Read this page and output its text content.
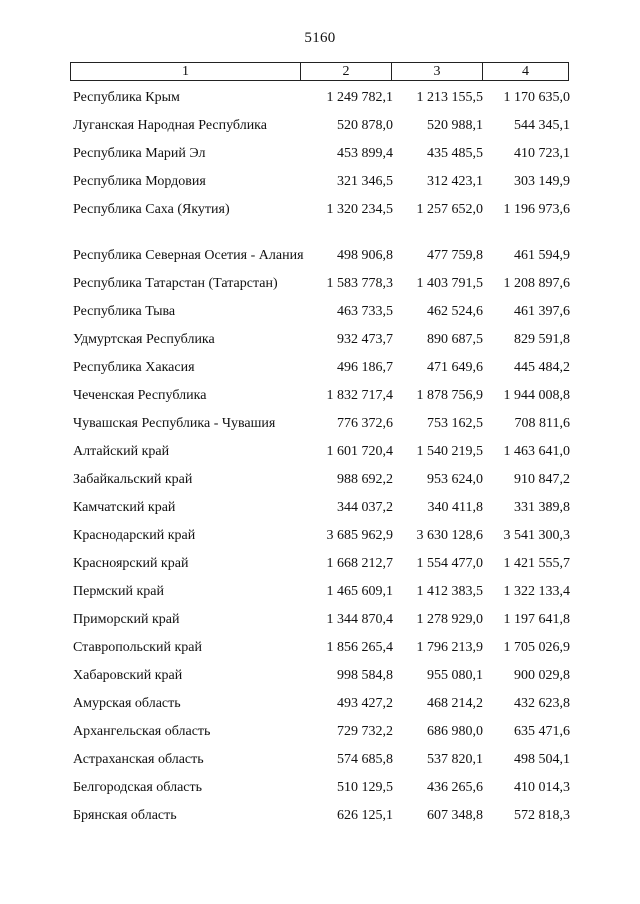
5160
1	2	3	4
Республика Крым	1 249 782,1	1 213 155,5	1 170 635,0
Луганская Народная Республика	520 878,0	520 988,1	544 345,1
Республика Марий Эл	453 899,4	435 485,5	410 723,1
Республика Мордовия	321 346,5	312 423,1	303 149,9
Республика Саха (Якутия)	1 320 234,5	1 257 652,0	1 196 973,6
Республика Северная Осетия - Алания	498 906,8	477 759,8	461 594,9
Республика Татарстан (Татарстан)	1 583 778,3	1 403 791,5	1 208 897,6
Республика Тыва	463 733,5	462 524,6	461 397,6
Удмуртская Республика	932 473,7	890 687,5	829 591,8
Республика Хакасия	496 186,7	471 649,6	445 484,2
Чеченская Республика	1 832 717,4	1 878 756,9	1 944 008,8
Чувашская Республика - Чувашия	776 372,6	753 162,5	708 811,6
Алтайский край	1 601 720,4	1 540 219,5	1 463 641,0
Забайкальский край	988 692,2	953 624,0	910 847,2
Камчатский край	344 037,2	340 411,8	331 389,8
Краснодарский край	3 685 962,9	3 630 128,6	3 541 300,3
Красноярский край	1 668 212,7	1 554 477,0	1 421 555,7
Пермский край	1 465 609,1	1 412 383,5	1 322 133,4
Приморский край	1 344 870,4	1 278 929,0	1 197 641,8
Ставропольский край	1 856 265,4	1 796 213,9	1 705 026,9
Хабаровский край	998 584,8	955 080,1	900 029,8
Амурская область	493 427,2	468 214,2	432 623,8
Архангельская область	729 732,2	686 980,0	635 471,6
Астраханская область	574 685,8	537 820,1	498 504,1
Белгородская область	510 129,5	436 265,6	410 014,3
Брянская область	626 125,1	607 348,8	572 818,3
